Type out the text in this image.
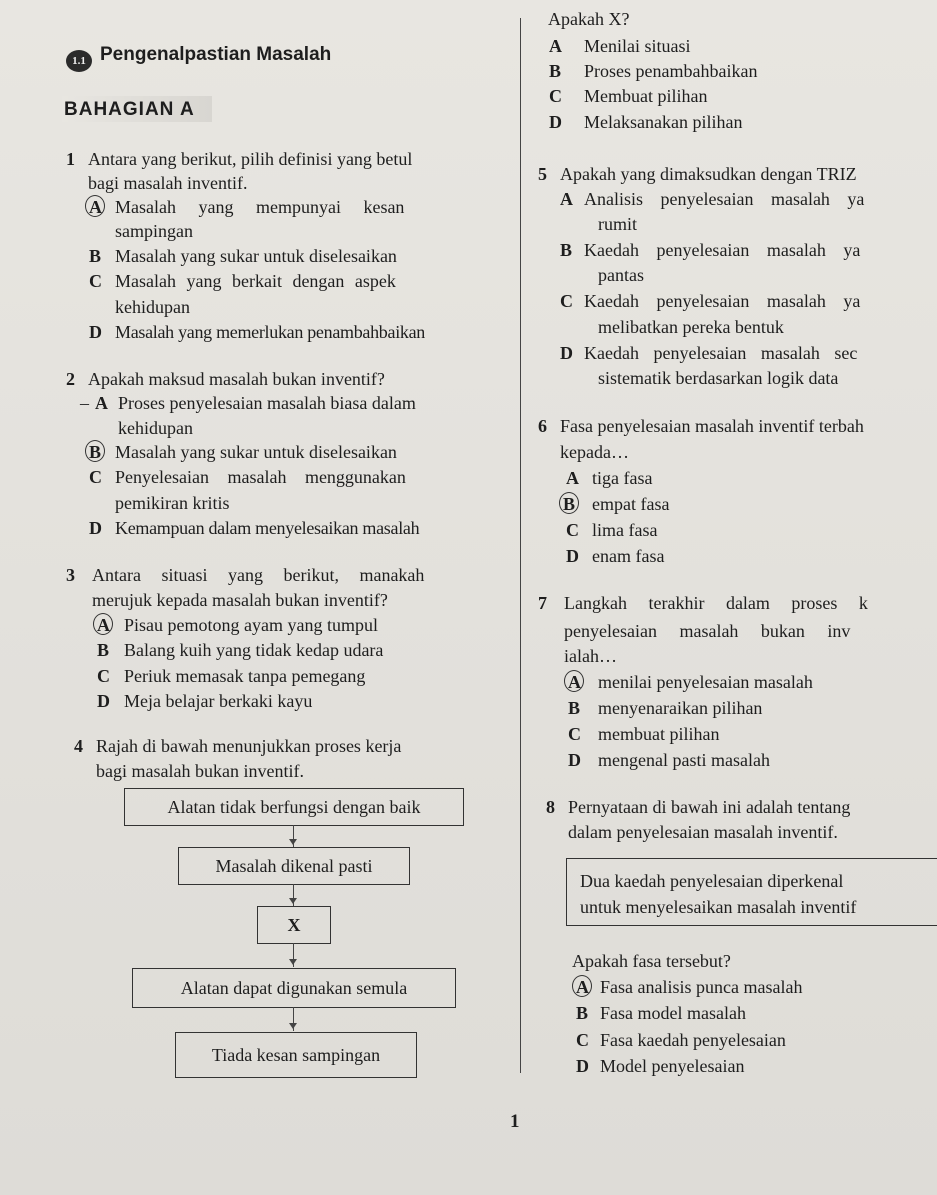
1.1 Pengenalpastian Masalah
BAHAGIAN A
1 Antara yang berikut, pilih definisi yang betul
bagi masalah inventif.
A Masalah yang mempunyai kesan
sampingan
B Masalah yang sukar untuk diselesaikan
C Masalah yang berkait dengan aspek
kehidupan
D Masalah yang memerlukan penambahbaikan
2 Apakah maksud masalah bukan inventif?
– A Proses penyelesaian masalah biasa dalam
kehidupan
B Masalah yang sukar untuk diselesaikan
C Penyelesaian masalah menggunakan
pemikiran kritis
D Kemampuan dalam menyelesaikan masalah
3 Antara situasi yang berikut, manakah
merujuk kepada masalah bukan inventif?
A Pisau pemotong ayam yang tumpul
B Balang kuih yang tidak kedap udara
C Periuk memasak tanpa pemegang
D Meja belajar berkaki kayu
4 Rajah di bawah menunjukkan proses kerja
bagi masalah bukan inventif.
Alatan tidak berfungsi dengan baik
Masalah dikenal pasti
X
Alatan dapat digunakan semula
Tiada kesan sampingan
Apakah X?
A Menilai situasi
B Proses penambahbaikan
C Membuat pilihan
D Melaksanakan pilihan
5 Apakah yang dimaksudkan dengan TRIZ
A Analisis penyelesaian masalah ya
rumit
B Kaedah penyelesaian masalah ya
pantas
C Kaedah penyelesaian masalah ya
melibatkan pereka bentuk
D Kaedah penyelesaian masalah sec
sistematik berdasarkan logik data
6 Fasa penyelesaian masalah inventif terbah
kepada…
A tiga fasa
B empat fasa
C lima fasa
D enam fasa
7 Langkah terakhir dalam proses k
penyelesaian masalah bukan inv
ialah…
A menilai penyelesaian masalah
B menyenaraikan pilihan
C membuat pilihan
D mengenal pasti masalah
8 Pernyataan di bawah ini adalah tentang
dalam penyelesaian masalah inventif.
Dua kaedah penyelesaian diperkenal
untuk menyelesaikan masalah inventif
Apakah fasa tersebut?
A Fasa analisis punca masalah
B Fasa model masalah
C Fasa kaedah penyelesaian
D Model penyelesaian
1
